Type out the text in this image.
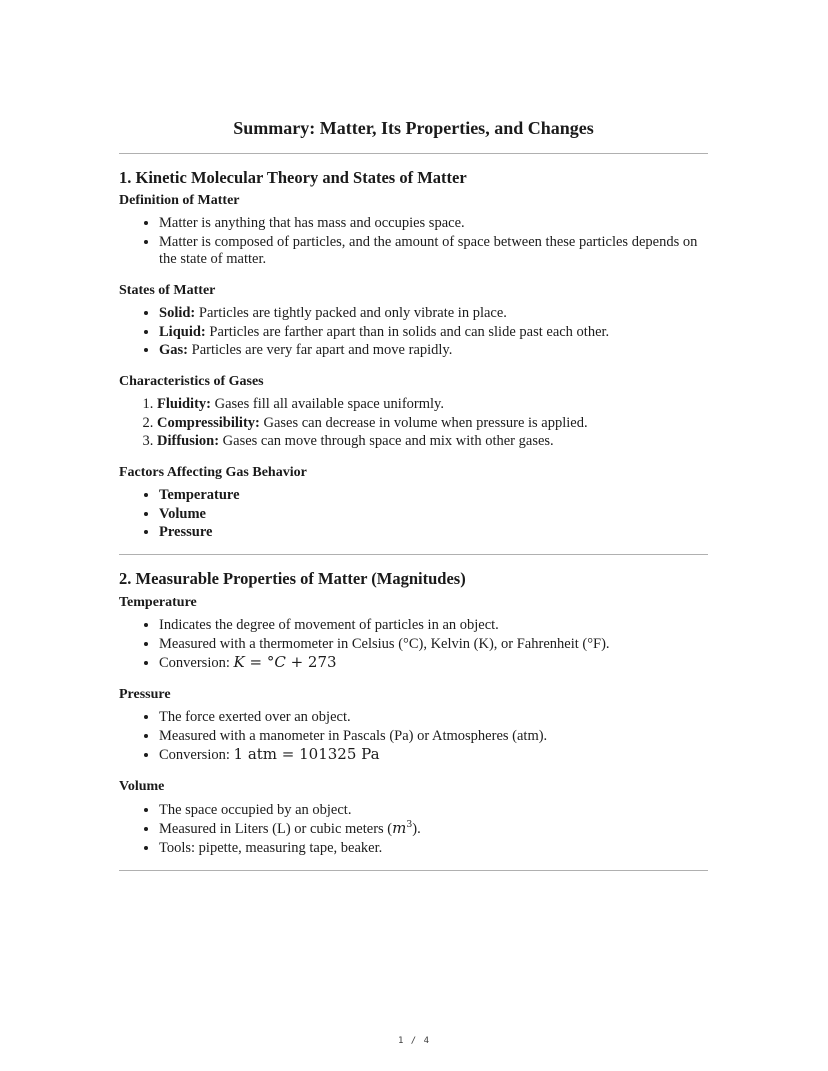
Summary: Matter, Its Properties, and Changes
1. Kinetic Molecular Theory and States of Matter
Definition of Matter
• Matter is anything that has mass and occupies space.
• Matter is composed of particles, and the amount of space between these particles depends on the state of matter.
States of Matter
• Solid: Particles are tightly packed and only vibrate in place.
• Liquid: Particles are farther apart than in solids and can slide past each other.
• Gas: Particles are very far apart and move rapidly.
Characteristics of Gases
1. Fluidity: Gases fill all available space uniformly.
2. Compressibility: Gases can decrease in volume when pressure is applied.
3. Diffusion: Gases can move through space and mix with other gases.
Factors Affecting Gas Behavior
• Temperature
• Volume
• Pressure
2. Measurable Properties of Matter (Magnitudes)
Temperature
• Indicates the degree of movement of particles in an object.
• Measured with a thermometer in Celsius (°C), Kelvin (K), or Fahrenheit (°F).
• Conversion: K = °C + 273
Pressure
• The force exerted over an object.
• Measured with a manometer in Pascals (Pa) or Atmospheres (atm).
• Conversion: 1 atm = 101325 Pa
Volume
• The space occupied by an object.
• Measured in Liters (L) or cubic meters $(m^3)$.
• Tools: pipette, measuring tape, beaker.
1 / 4
